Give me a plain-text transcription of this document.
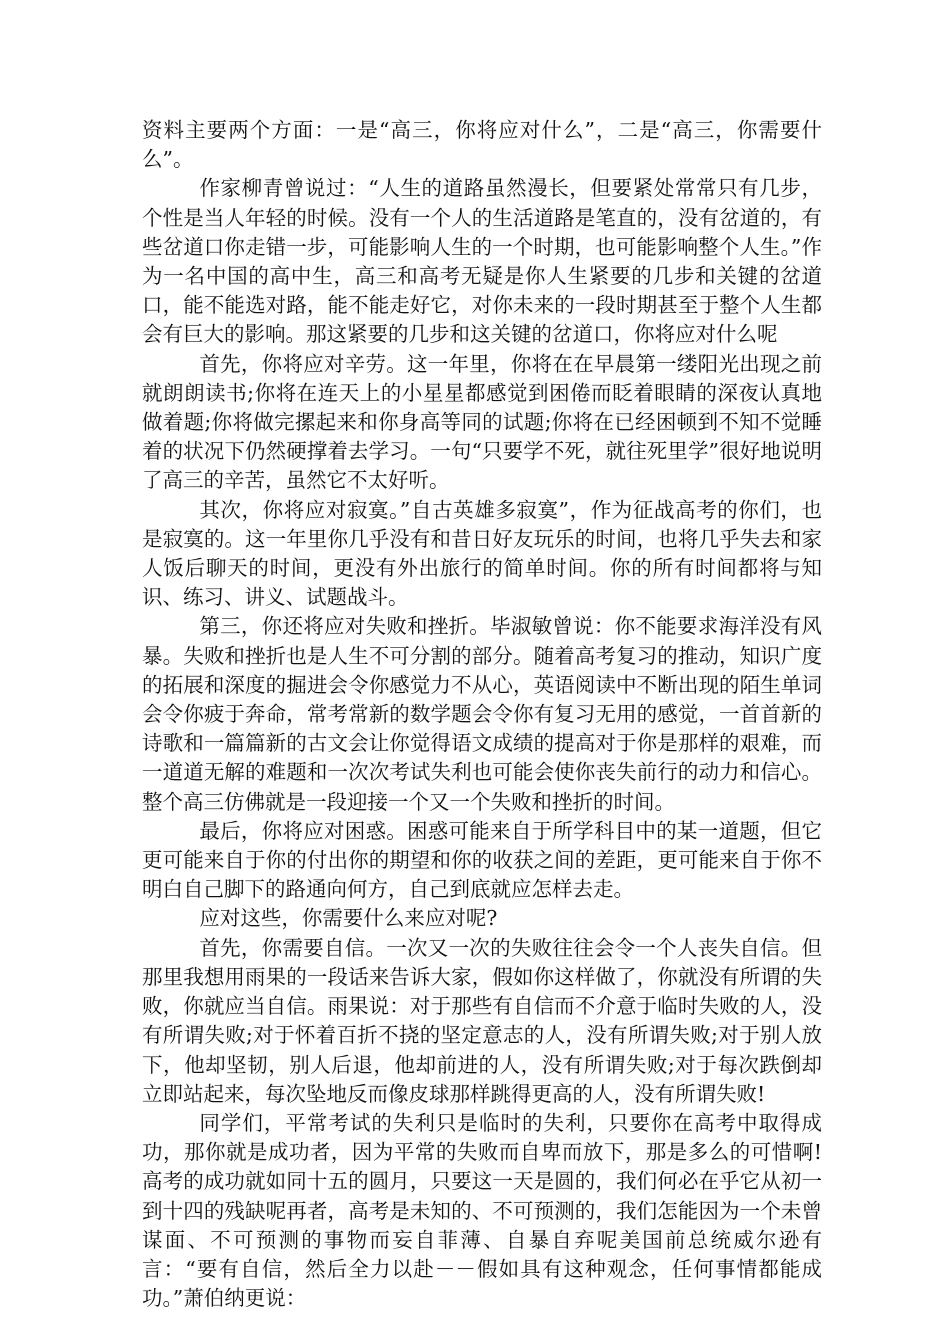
资料主要两个方面：一是“高三，你将应对什么”，二是“高三，你需要什么”。

作家柳青曾说过：“人生的道路虽然漫长，但要紧处常常只有几步，个性是当人年轻的时候。没有一个人的生活道路是笔直的，没有岔道的，有些岔道口你走错一步，可能影响人生的一个时期，也可能影响整个人生。”作为一名中国的高中生，高三和高考无疑是你人生紧要的几步和关键的岔道口，能不能选对路，能不能走好它，对你未来的一段时期甚至于整个人生都会有巨大的影响。那这紧要的几步和这关键的岔道口，你将应对什么呢

首先，你将应对辛劳。这一年里，你将在在早晨第一缕阳光出现之前就朗朗读书;你将在连天上的小星星都感觉到困倦而眨着眼睛的深夜认真地做着题;你将做完摞起来和你身高等同的试题;你将在已经困顿到不知不觉睡着的状况下仍然硬撑着去学习。一句“只要学不死，就往死里学”很好地说明了高三的辛苦，虽然它不太好听。

其次，你将应对寂寞。”自古英雄多寂寞”，作为征战高考的你们，也是寂寞的。这一年里你几乎没有和昔日好友玩乐的时间，也将几乎失去和家人饭后聊天的时间，更没有外出旅行的简单时间。你的所有时间都将与知识、练习、讲义、试题战斗。

第三，你还将应对失败和挫折。毕淑敏曾说：你不能要求海洋没有风暴。失败和挫折也是人生不可分割的部分。随着高考复习的推动，知识广度的拓展和深度的掘进会令你感觉力不从心，英语阅读中不断出现的陌生单词会令你疲于奔命，常考常新的数学题会令你有复习无用的感觉，一首首新的诗歌和一篇篇新的古文会让你觉得语文成绩的提高对于你是那样的艰难，而一道道无解的难题和一次次考试失利也可能会使你丧失前行的动力和信心。整个高三仿佛就是一段迎接一个又一个失败和挫折的时间。

最后，你将应对困惑。困惑可能来自于所学科目中的某一道题，但它更可能来自于你的付出你的期望和你的收获之间的差距，更可能来自于你不明白自己脚下的路通向何方，自己到底就应怎样去走。

应对这些，你需要什么来应对呢?

首先，你需要自信。一次又一次的失败往往会令一个人丧失自信。但那里我想用雨果的一段话来告诉大家，假如你这样做了，你就没有所谓的失败，你就应当自信。雨果说：对于那些有自信而不介意于临时失败的人，没有所谓失败;对于怀着百折不挠的坚定意志的人，没有所谓失败;对于别人放下，他却坚韧，别人后退，他却前进的人，没有所谓失败;对于每次跌倒却立即站起来，每次坠地反而像皮球那样跳得更高的人，没有所谓失败!

同学们，平常考试的失利只是临时的失利，只要你在高考中取得成功，那你就是成功者，因为平常的失败而自卑而放下，那是多么的可惜啊!高考的成功就如同十五的圆月，只要这一天是圆的，我们何必在乎它从初一到十四的残缺呢再者，高考是未知的、不可预测的，我们怎能因为一个未曾谋面、不可预测的事物而妄自菲薄、自暴自弃呢美国前总统威尔逊有言：“要有自信，然后全力以赴－－假如具有这种观念，任何事情都能成功。”萧伯纳更说：
